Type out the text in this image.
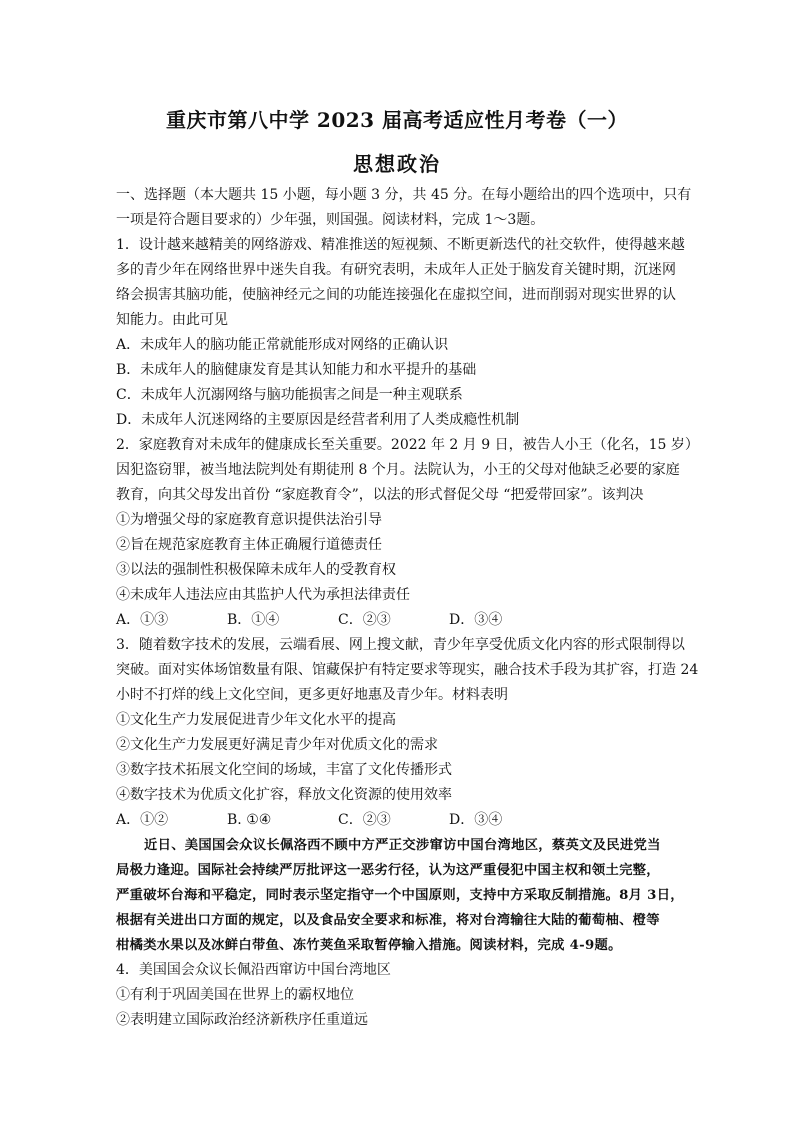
重庆市第八中学 2023 届高考适应性月考卷（一）
思想政治
一、选择题（本大题共 15 小题，每小题 3 分，共 45 分。在每小题给出的四个选项中，只有
一项是符合题目要求的）少年强，则国强。阅读材料，完成 1～3题。
1．设计越来越精美的网络游戏、精准推送的短视频、不断更新迭代的社交软件，使得越来越
多的青少年在网络世界中迷失自我。有研究表明，未成年人正处于脑发育关键时期，沉迷网
络会损害其脑功能，使脑神经元之间的功能连接强化在虚拟空间，进而削弱对现实世界的认
知能力。由此可见
A．未成年人的脑功能正常就能形成对网络的正确认识
B．未成年人的脑健康发育是其认知能力和水平提升的基础
C．未成年人沉溺网络与脑功能损害之间是一种主观联系
D．未成年人沉迷网络的主要原因是经营者利用了人类成瘾性机制
2．家庭教育对未成年的健康成长至关重要。2022 年 2 月 9 日，被告人小王（化名，15 岁）
因犯盗窃罪，被当地法院判处有期徒刑 8 个月。法院认为，小王的父母对他缺乏必要的家庭
教育，向其父母发出首份 “家庭教育令”，以法的形式督促父母 “把爱带回家”。该判决
①为增强父母的家庭教育意识提供法治引导
②旨在规范家庭教育主体正确履行道德责任
③以法的强制性积极保障未成年人的受教育权
④未成年人违法应由其监护人代为承担法律责任
A．①③	B．①④	C．②③	D．③④
3．随着数字技术的发展，云端看展、网上搜文献，青少年享受优质文化内容的形式限制得以
突破。面对实体场馆数量有限、馆藏保护有特定要求等现实，融合技术手段为其扩容，打造 24
小时不打烊的线上文化空间，更多更好地惠及青少年。材料表明
①文化生产力发展促进青少年文化水平的提高
②文化生产力发展更好满足青少年对优质文化的需求
③数字技术拓展文化空间的场域，丰富了文化传播形式
④数字技术为优质文化扩容，释放文化资源的使用效率
A．①②	B. ①④	C．②③	D．③④
近日、美国国会众议长佩洛西不顾中方严正交涉窜访中国台湾地区，蔡英文及民进党当
局极力逢迎。国际社会持续严厉批评这一恶劣行径，认为这严重侵犯中国主权和领土完整，
严重破坏台海和平稳定，同时表示坚定指守一个中国原则，支持中方采取反制措施。8月 3日，
根据有关进出口方面的规定，以及食品安全要求和标准，将对台湾输往大陆的葡萄柚、橙等
柑橘类水果以及冰鲜白带鱼、冻竹荚鱼采取暂停输入措施。阅读材料，完成 4-9题。
4．美国国会众议长佩沿西窜访中国台湾地区
①有利于巩固美国在世界上的霸权地位
②表明建立国际政治经济新秩序任重道远
